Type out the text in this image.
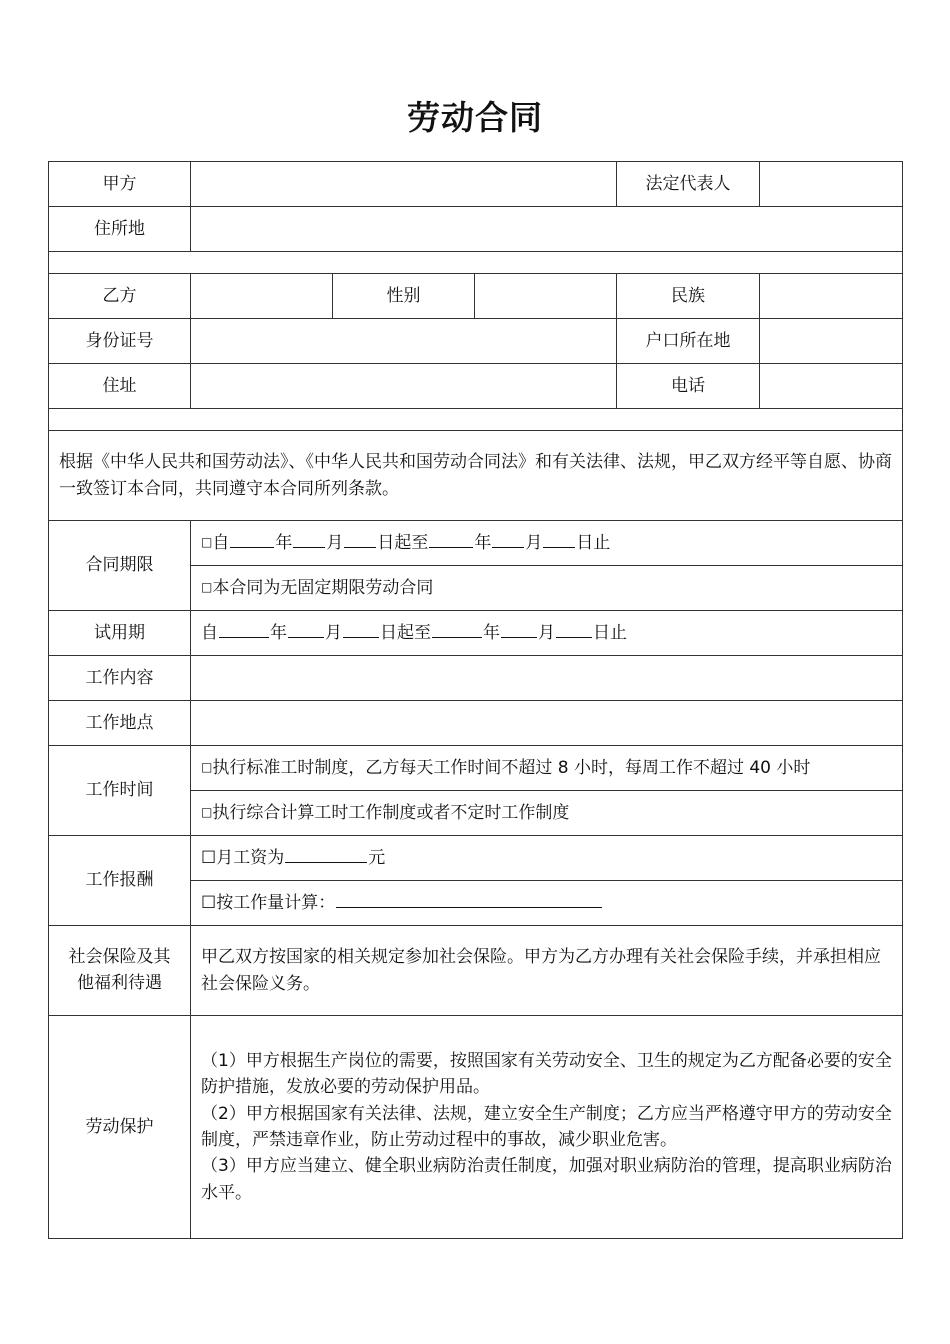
劳动合同
甲方				法定代表人	
住所地					

乙方		性别		民族	
身份证号				户口所在地	
住址				电话	

根据《中华人民共和国劳动法》、《中华人民共和国劳动合同法》和有关法律、法规，甲乙双方经平等自愿、协商一致签订本合同，共同遵守本合同所列条款。					
合同期限	□自 年 月 日起至 年 月 日止				
	□本合同为无固定期限劳动合同				
试用期	自 年 月 日起至 年 月 日止				
工作内容					
工作地点					
工作时间	□执行标准工时制度，乙方每天工作时间不超过 8 小时，每周工作不超过 40 小时				
	□执行综合计算工时工作制度或者不定时工作制度				
工作报酬	☐月工资为 元				
	☐按工作量计算：				
社会保险及其
他福利待遇	甲乙双方按国家的相关规定参加社会保险。甲方为乙方办理有关社会保险手续，并承担相应社会保险义务。				
劳动保护	（1）甲方根据生产岗位的需要，按照国家有关劳动安全、卫生的规定为乙方配备必要的安全防护措施，发放必要的劳动保护用品。
（2）甲方根据国家有关法律、法规，建立安全生产制度；乙方应当严格遵守甲方的劳动安全制度，严禁违章作业，防止劳动过程中的事故，减少职业危害。
（3）甲方应当建立、健全职业病防治责任制度，加强对职业病防治的管理，提高职业病防治水平。				
